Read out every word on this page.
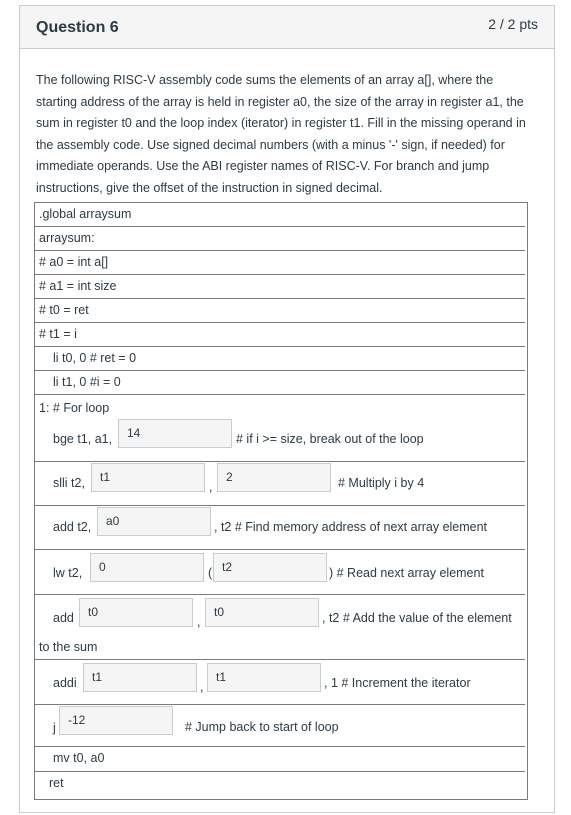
Question 6	2 / 2 pts

The following RISC-V assembly code sums the elements of an array a[], where the starting address of the array is held in register a0, the size of the array in register a1, the sum in register t0 and the loop index (iterator) in register t1. Fill in the missing operand in the assembly code. Use signed decimal numbers (with a minus '-' sign, if needed) for immediate operands. Use the ABI register names of RISC-V. For branch and jump instructions, give the offset of the instruction in signed decimal.

.global arraysum
arraysum:
# a0 = int a[]
# a1 = int size
# t0 = ret
# t1 = i
li t0, 0 # ret = 0
li t1, 0 #i = 0
1: # For loop
bge t1, a1,	14	# if i >= size, break out of the loop
slli t2,	t1
,
2	# Multiply i by 4
add t2,	a0	, t2 # Find memory address of next array element
lw t2,	0	( t2	) # Read next array element
add	t0
,
t0	, t2 # Add the value of the element
to the sum
addi	t1
,
t1	, 1 # Increment the iterator
j
-12	# Jump back to start of loop
mv t0, a0
ret
